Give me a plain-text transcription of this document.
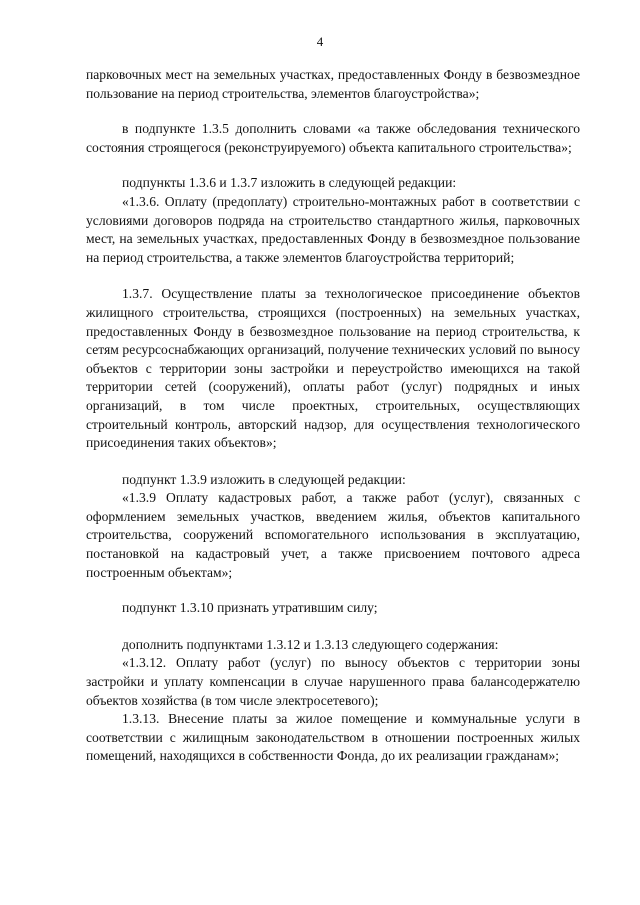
4

парковочных мест на земельных участках, предоставленных Фонду в безвозмездное пользование на период строительства, элементов благоустройства»;

в подпункте 1.3.5 дополнить словами «а также обследования технического состояния строящегося (реконструируемого) объекта капитального строительства»;

подпункты 1.3.6 и 1.3.7 изложить в следующей редакции:

«1.3.6. Оплату (предоплату) строительно-монтажных работ в соответствии с условиями договоров подряда на строительство стандартного жилья, парковочных мест, на земельных участках, предоставленных Фонду в безвозмездное пользование на период строительства, а также элементов благоустройства территорий;

1.3.7. Осуществление платы за технологическое присоединение объектов жилищного строительства, строящихся (построенных) на земельных участках, предоставленных Фонду в безвозмездное пользование на период строительства, к сетям ресурсоснабжающих организаций, получение технических условий по выносу объектов с территории зоны застройки и переустройство имеющихся на такой территории сетей (сооружений), оплаты работ (услуг) подрядных и иных организаций, в том числе проектных, строительных, осуществляющих строительный контроль, авторский надзор, для осуществления технологического присоединения таких объектов»;

подпункт 1.3.9 изложить в следующей редакции:

«1.3.9 Оплату кадастровых работ, а также работ (услуг), связанных с оформлением земельных участков, введением жилья, объектов капитального строительства, сооружений вспомогательного использования в эксплуатацию, постановкой на кадастровый учет, а также присвоением почтового адреса построенным объектам»;

подпункт 1.3.10 признать утратившим силу;

дополнить подпунктами 1.3.12 и 1.3.13 следующего содержания:

«1.3.12. Оплату работ (услуг) по выносу объектов с территории зоны застройки и уплату компенсации в случае нарушенного права балансодержателю объектов хозяйства (в том числе электросетевого);

1.3.13. Внесение платы за жилое помещение и коммунальные услуги в соответствии с жилищным законодательством в отношении построенных жилых помещений, находящихся в собственности Фонда, до их реализации гражданам»;
